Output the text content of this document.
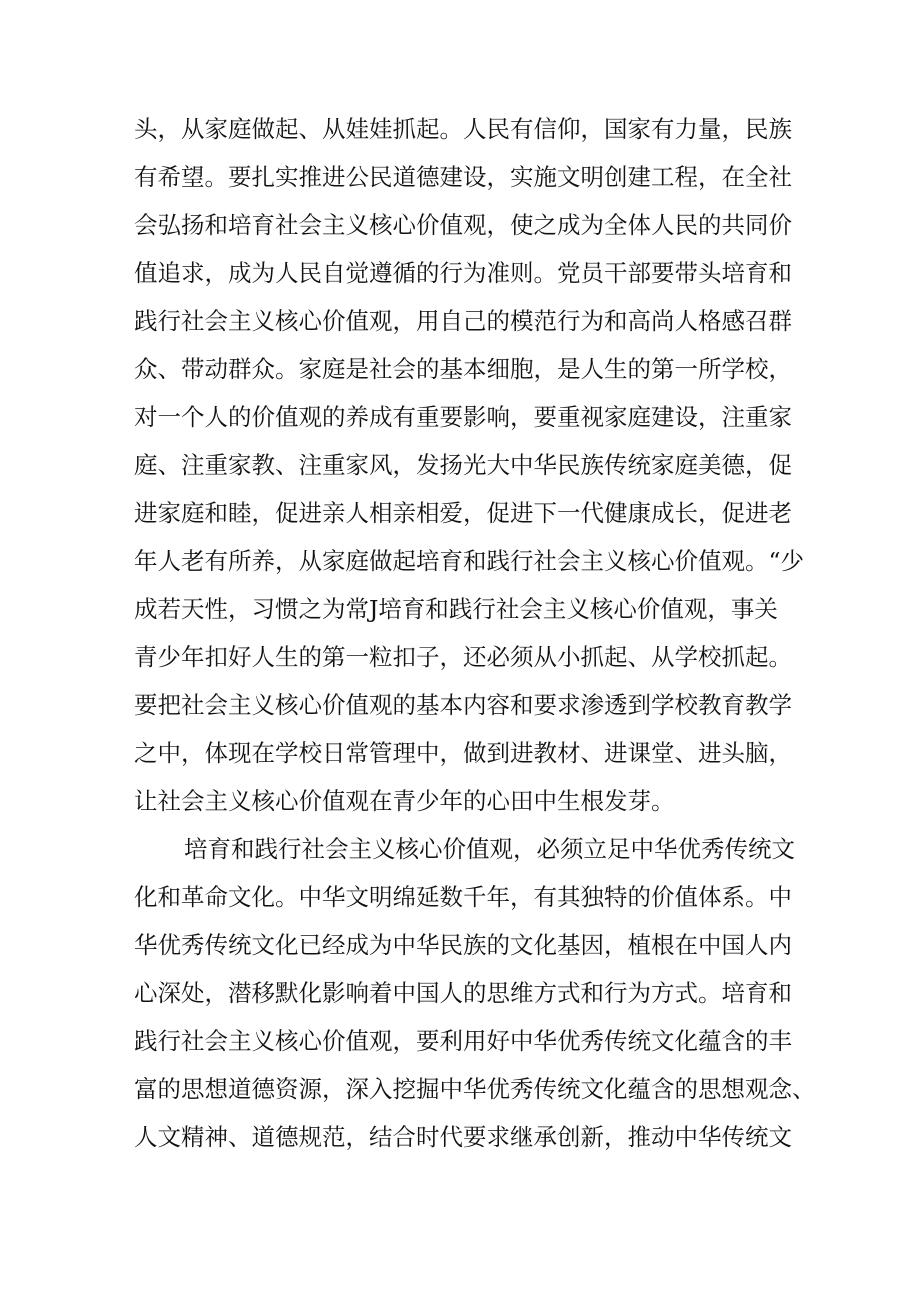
头，从家庭做起、从娃娃抓起。人民有信仰，国家有力量，民族
有希望。要扎实推进公民道德建设，实施文明创建工程，在全社
会弘扬和培育社会主义核心价值观，使之成为全体人民的共同价
值追求，成为人民自觉遵循的行为准则。党员干部要带头培育和
践行社会主义核心价值观，用自己的模范行为和高尚人格感召群
众、带动群众。家庭是社会的基本细胞，是人生的第一所学校，
对一个人的价值观的养成有重要影响，要重视家庭建设，注重家
庭、注重家教、注重家风，发扬光大中华民族传统家庭美德，促
进家庭和睦，促进亲人相亲相爱，促进下一代健康成长，促进老
年人老有所养，从家庭做起培育和践行社会主义核心价值观。“少
成若天性，习惯之为常J培育和践行社会主义核心价值观，事关
青少年扣好人生的第一粒扣子，还必须从小抓起、从学校抓起。
要把社会主义核心价值观的基本内容和要求渗透到学校教育教学
之中，体现在学校日常管理中，做到进教材、进课堂、进头脑，
让社会主义核心价值观在青少年的心田中生根发芽。
培育和践行社会主义核心价值观，必须立足中华优秀传统文
化和革命文化。中华文明绵延数千年，有其独特的价值体系。中
华优秀传统文化已经成为中华民族的文化基因，植根在中国人内
心深处，潜移默化影响着中国人的思维方式和行为方式。培育和
践行社会主义核心价值观，要利用好中华优秀传统文化蕴含的丰
富的思想道德资源，深入挖掘中华优秀传统文化蕴含的思想观念、
人文精神、道德规范，结合时代要求继承创新，推动中华传统文
